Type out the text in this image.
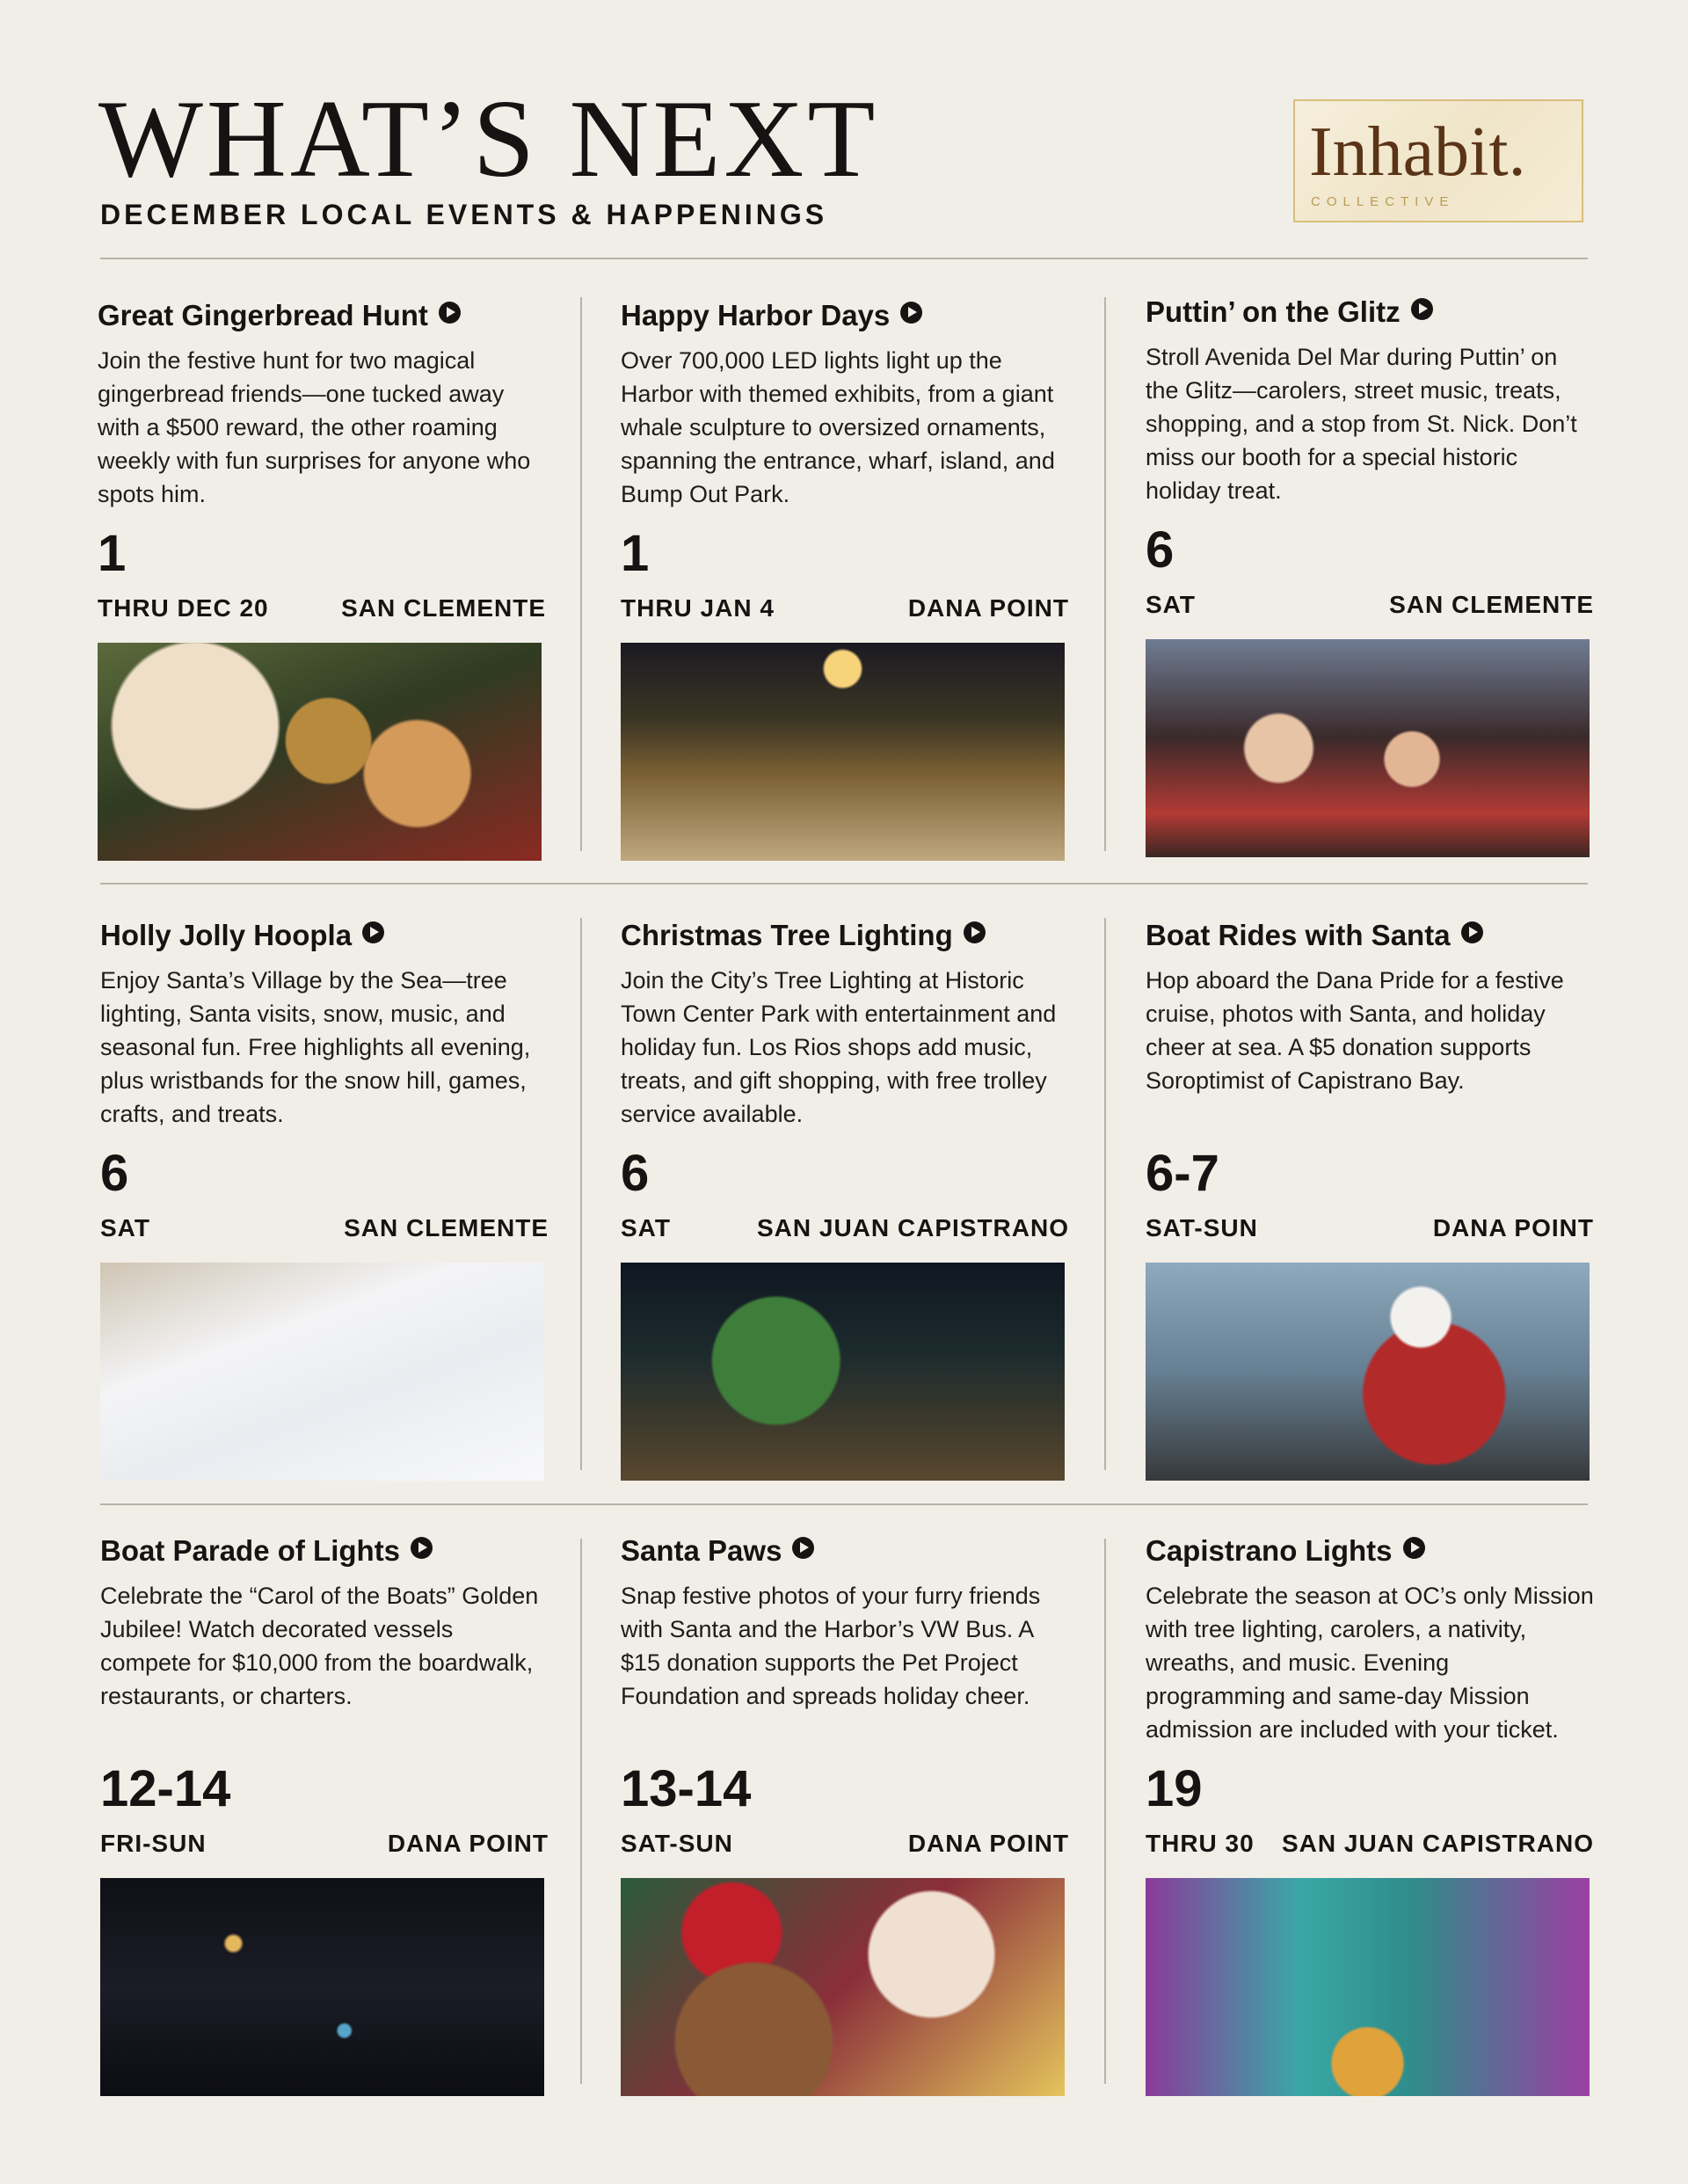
WHAT’S NEXT
DECEMBER LOCAL EVENTS & HAPPENINGS
Inhabit.
COLLECTIVE
Great Gingerbread Hunt

Join the festive hunt for two magical gingerbread friends—one tucked away with a $500 reward, the other roaming weekly with fun surprises for anyone who spots him.

1
THRU DEC 20	SAN CLEMENTE
Happy Harbor Days

Over 700,000 LED lights light up the Harbor with themed exhibits, from a giant whale sculpture to oversized ornaments, spanning the entrance, wharf, island, and Bump Out Park.

1
THRU JAN 4	DANA POINT
Puttin’ on the Glitz

Stroll Avenida Del Mar during Puttin’ on the Glitz—carolers, street music, treats, shopping, and a stop from St. Nick. Don’t miss our booth for a special historic holiday treat.

6
SAT	SAN CLEMENTE
Holly Jolly Hoopla

Enjoy Santa’s Village by the Sea—tree lighting, Santa visits, snow, music, and seasonal fun. Free highlights all evening, plus wristbands for the snow hill, games, crafts, and treats.

6
SAT	SAN CLEMENTE
Christmas Tree Lighting

Join the City’s Tree Lighting at Historic Town Center Park with entertainment and holiday fun. Los Rios shops add music, treats, and gift shopping, with free trolley service available.

6
SAT	SAN JUAN CAPISTRANO
Boat Rides with Santa

Hop aboard the Dana Pride for a festive cruise, photos with Santa, and holiday cheer at sea. A $5 donation supports Soroptimist of Capistrano Bay.

6-7
SAT-SUN	DANA POINT
Boat Parade of Lights

Celebrate the “Carol of the Boats” Golden Jubilee! Watch decorated vessels compete for $10,000 from the boardwalk, restaurants, or charters.

12-14
FRI-SUN	DANA POINT
Santa Paws

Snap festive photos of your furry friends with Santa and the Harbor’s VW Bus. A $15 donation supports the Pet Project Foundation and spreads holiday cheer.

13-14
SAT-SUN	DANA POINT
Capistrano Lights

Celebrate the season at OC’s only Mission with tree lighting, carolers, a nativity, wreaths, and music. Evening programming and same-day Mission admission are included with your ticket.

19
THRU 30 SAN JUAN CAPISTRANO
